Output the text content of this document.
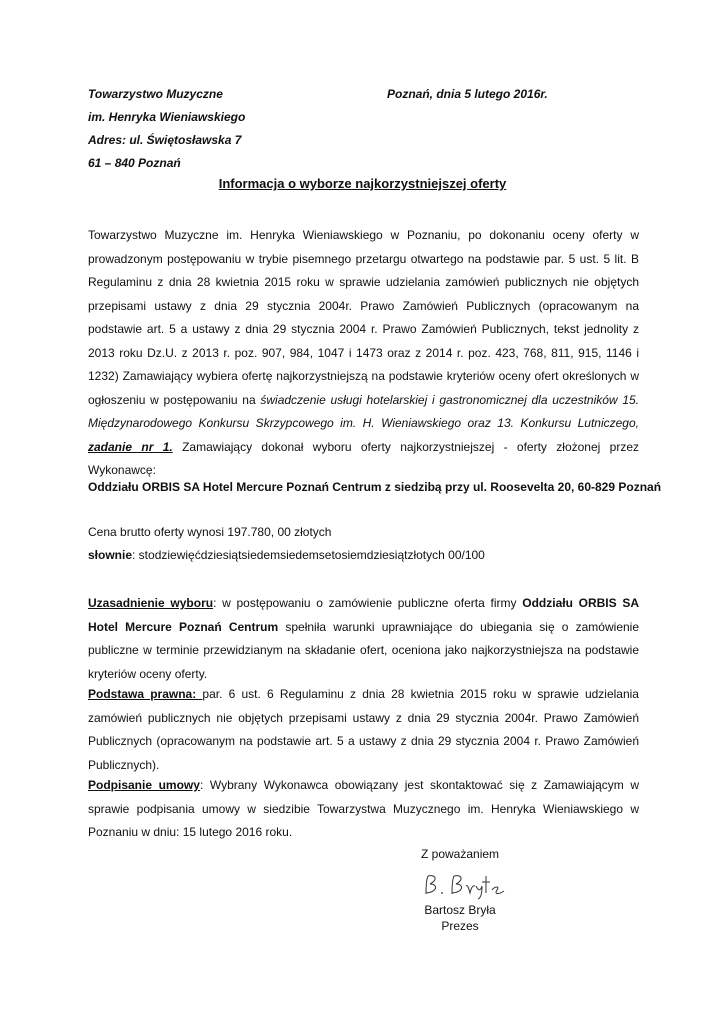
Towarzystwo Muzyczne
im. Henryka Wieniawskiego
Adres: ul. Świętosławska 7
61 – 840 Poznań
Poznań, dnia 5 lutego 2016r.
Informacja o wyborze najkorzystniejszej oferty
Towarzystwo Muzyczne im. Henryka Wieniawskiego w Poznaniu, po dokonaniu oceny oferty w prowadzonym postępowaniu w trybie pisemnego przetargu otwartego na podstawie par. 5 ust. 5 lit. B Regulaminu z dnia 28 kwietnia 2015 roku w sprawie udzielania zamówień publicznych nie objętych przepisami ustawy z dnia 29 stycznia 2004r. Prawo Zamówień Publicznych (opracowanym na podstawie art. 5 a ustawy z dnia 29 stycznia 2004 r. Prawo Zamówień Publicznych, tekst jednolity z 2013 roku Dz.U. z 2013 r. poz. 907, 984, 1047 i 1473 oraz z 2014 r. poz. 423, 768, 811, 915, 1146 i 1232) Zamawiający wybiera ofertę najkorzystniejszą na podstawie kryteriów oceny ofert określonych w ogłoszeniu w postępowaniu na świadczenie usługi hotelarskiej i gastronomicznej dla uczestników 15. Międzynarodowego Konkursu Skrzypcowego im. H. Wieniawskiego oraz 13. Konkursu Lutniczego, zadanie nr 1. Zamawiający dokonał wyboru oferty najkorzystniejszej - oferty złożonej przez Wykonawcę:
Oddziału ORBIS SA Hotel Mercure Poznań Centrum z siedzibą przy ul. Roosevelta 20, 60-829 Poznań
Cena brutto oferty wynosi 197.780, 00 złotych
słownie: stodziewięćdziesiątsiedemsiedemsetosiemdziesiątzłotych 00/100
Uzasadnienie wyboru: w postępowaniu o zamówienie publiczne oferta firmy Oddziału ORBIS SA Hotel Mercure Poznań Centrum spełniła warunki uprawniające do ubiegania się o zamówienie publiczne w terminie przewidzianym na składanie ofert, oceniona jako najkorzystniejsza na podstawie kryteriów oceny oferty.
Podstawa prawna: par. 6 ust. 6 Regulaminu z dnia 28 kwietnia 2015 roku w sprawie udzielania zamówień publicznych nie objętych przepisami ustawy z dnia 29 stycznia 2004r. Prawo Zamówień Publicznych (opracowanym na podstawie art. 5 a ustawy z dnia 29 stycznia 2004 r. Prawo Zamówień Publicznych).
Podpisanie umowy: Wybrany Wykonawca obowiązany jest skontaktować się z Zamawiającym w sprawie podpisania umowy w siedzibie Towarzystwa Muzycznego im. Henryka Wieniawskiego w Poznaniu w dniu: 15 lutego 2016 roku.
Z poważaniem
Bartosz Bryła
Prezes
